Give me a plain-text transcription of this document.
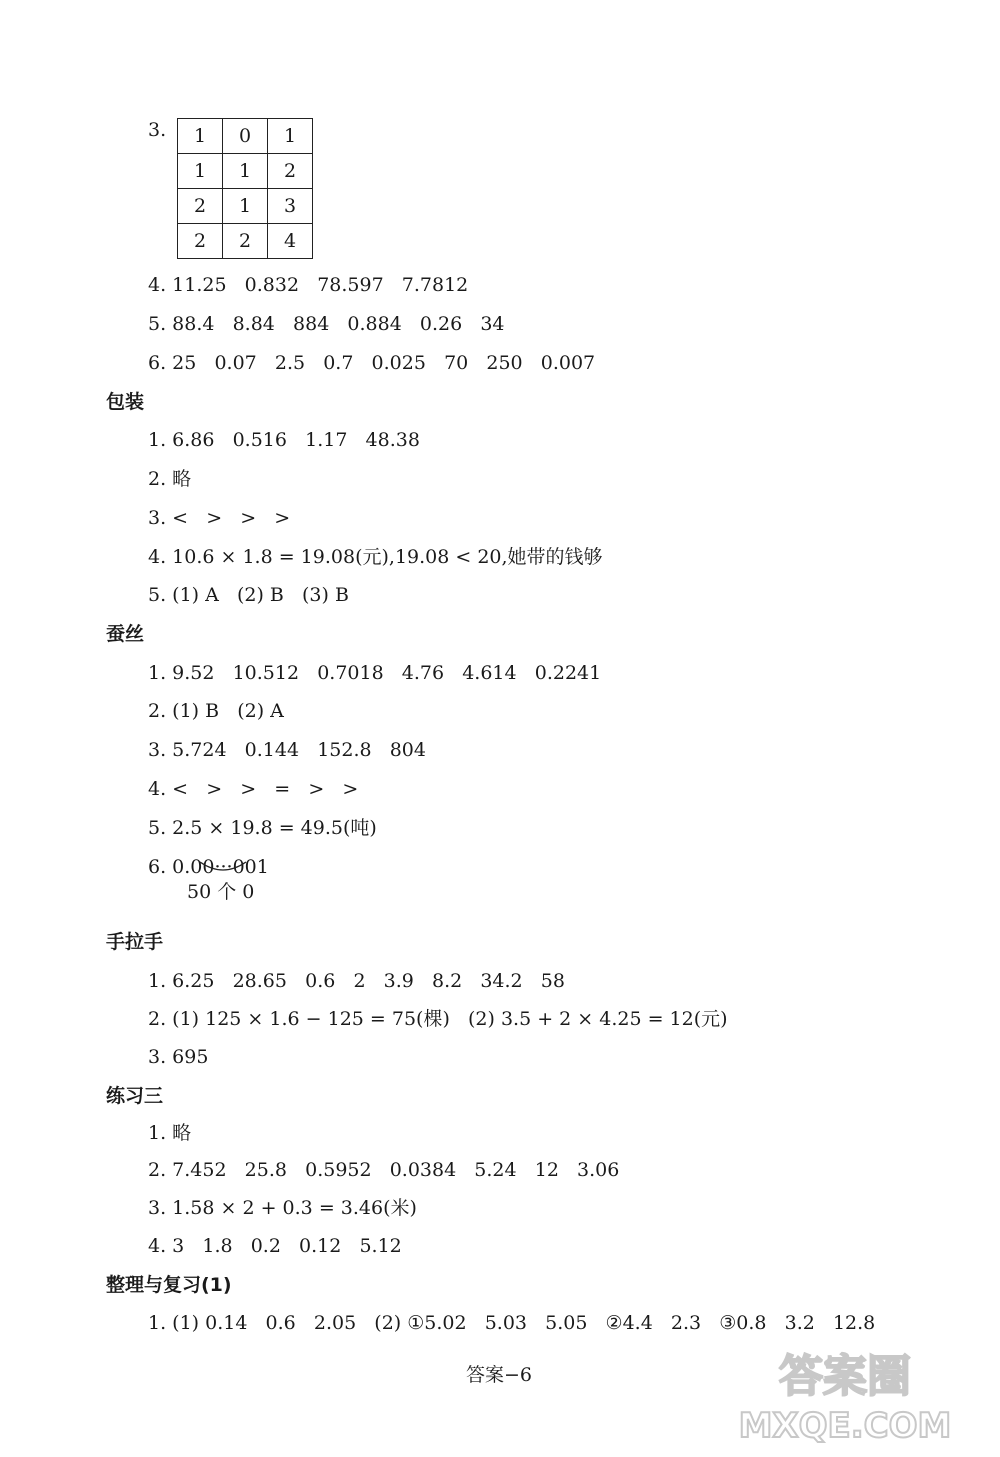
3. 1	0	1
1	1	2
2	1	3
2	2	4
4. 11.25   0.832   78.597   7.7812
5. 88.4   8.84   884   0.884   0.26   34
6. 25   0.07   2.5   0.7   0.025   70   250   0.007
包装
1. 6.86   0.516   1.17   48.38
2. 略
3. <   >   >   >
4. 10.6 × 1.8 = 19.08(元),19.08 < 20,她带的钱够
5. (1) A   (2) B   (3) B
蚕丝
1. 9.52   10.512   0.7018   4.76   4.614   0.2241
2. (1) B   (2) A
3. 5.724   0.144   152.8   804
4. <   >   >   =   >   >
5. 2.5 × 19.8 = 49.5(吨)
6. 0.00···001
50 个 0
手拉手
1. 6.25   28.65   0.6   2   3.9   8.2   34.2   58
2. (1) 125 × 1.6 − 125 = 75(棵)   (2) 3.5 + 2 × 4.25 = 12(元)
3. 695
练习三
1. 略
2. 7.452   25.8   0.5952   0.0384   5.24   12   3.06
3. 1.58 × 2 + 0.3 = 3.46(米)
4. 3   1.8   0.2   0.12   5.12
整理与复习(1)
1. (1) 0.14   0.6   2.05   (2) ①5.02   5.03   5.05   ②4.4   2.3   ③0.8   3.2   12.8
答案−6	答案圈
MXQE.COM
